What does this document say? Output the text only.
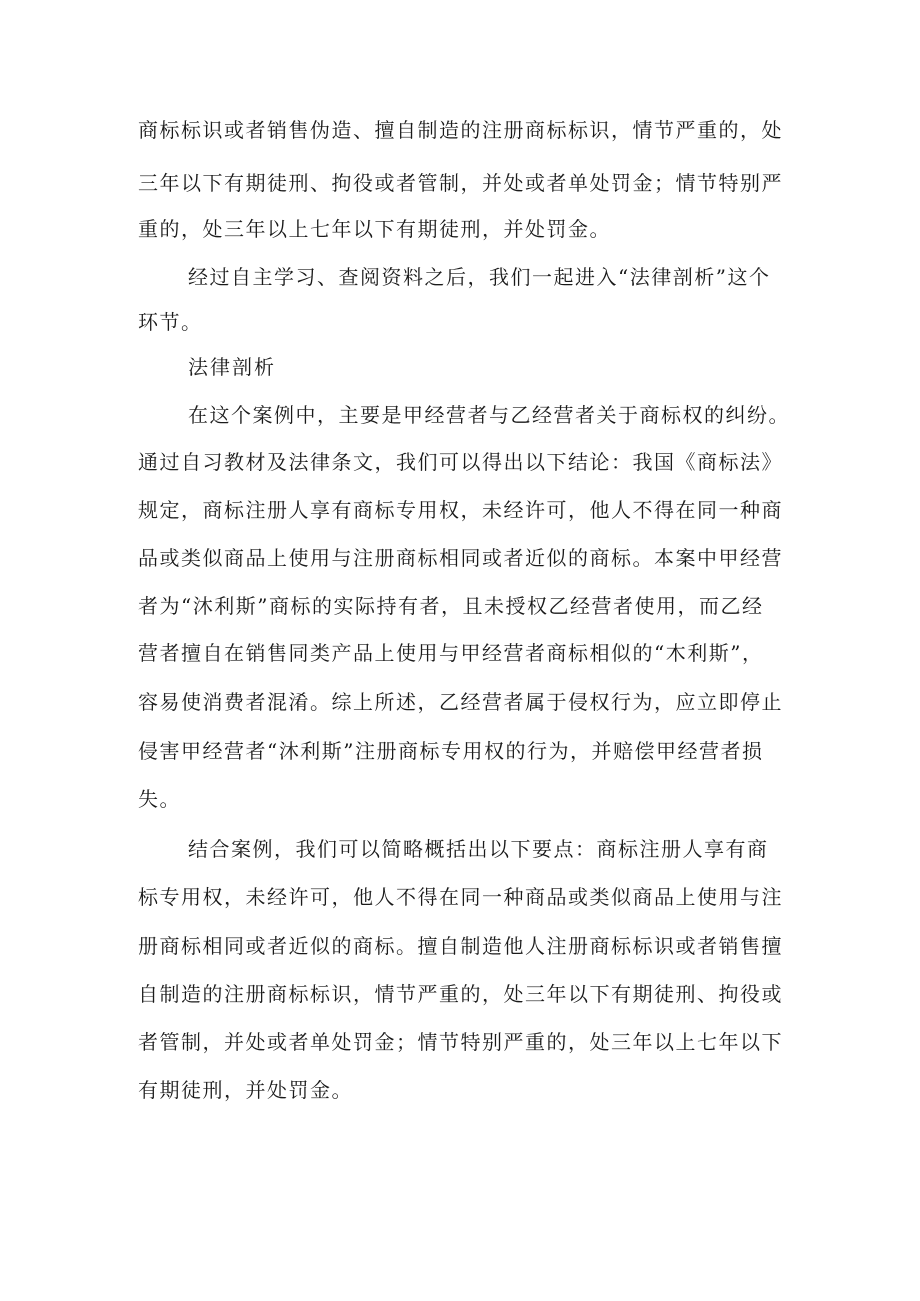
商标标识或者销售伪造、擅自制造的注册商标标识，情节严重的，处
三年以下有期徒刑、拘役或者管制，并处或者单处罚金；情节特别严
重的，处三年以上七年以下有期徒刑，并处罚金。
经过自主学习、查阅资料之后，我们一起进入“法律剖析”这个
环节。
法律剖析
在这个案例中，主要是甲经营者与乙经营者关于商标权的纠纷。
通过自习教材及法律条文，我们可以得出以下结论：我国《商标法》
规定，商标注册人享有商标专用权，未经许可，他人不得在同一种商
品或类似商品上使用与注册商标相同或者近似的商标。本案中甲经营
者为“沐利斯”商标的实际持有者，且未授权乙经营者使用，而乙经
营者擅自在销售同类产品上使用与甲经营者商标相似的“木利斯”，
容易使消费者混淆。综上所述，乙经营者属于侵权行为，应立即停止
侵害甲经营者“沐利斯”注册商标专用权的行为，并赔偿甲经营者损
失。
结合案例，我们可以简略概括出以下要点：商标注册人享有商
标专用权，未经许可，他人不得在同一种商品或类似商品上使用与注
册商标相同或者近似的商标。擅自制造他人注册商标标识或者销售擅
自制造的注册商标标识，情节严重的，处三年以下有期徒刑、拘役或
者管制，并处或者单处罚金；情节特别严重的，处三年以上七年以下
有期徒刑，并处罚金。
